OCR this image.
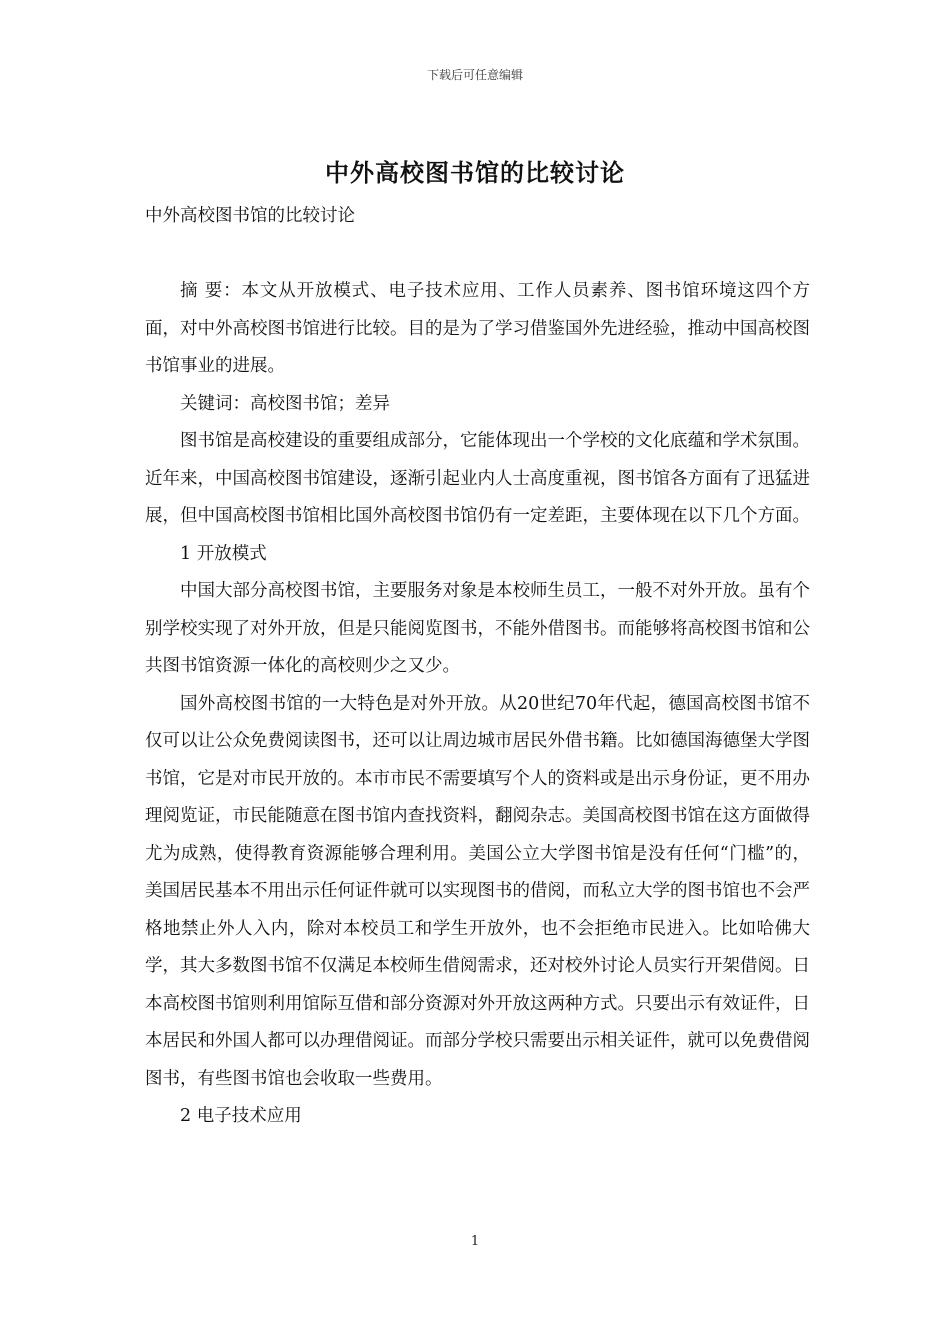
下载后可任意编辑
中外高校图书馆的比较讨论

中外高校图书馆的比较讨论

摘 要：本文从开放模式、电子技术应用、工作人员素养、图书馆环境这四个方面，对中外高校图书馆进行比较。目的是为了学习借鉴国外先进经验，推动中国高校图书馆事业的进展。

关键词：高校图书馆；差异

图书馆是高校建设的重要组成部分，它能体现出一个学校的文化底蕴和学术氛围。近年来，中国高校图书馆建设，逐渐引起业内人士高度重视，图书馆各方面有了迅猛进展，但中国高校图书馆相比国外高校图书馆仍有一定差距，主要体现在以下几个方面。

1 开放模式

中国大部分高校图书馆，主要服务对象是本校师生员工，一般不对外开放。虽有个别学校实现了对外开放，但是只能阅览图书，不能外借图书。而能够将高校图书馆和公共图书馆资源一体化的高校则少之又少。

国外高校图书馆的一大特色是对外开放。从20世纪70年代起，德国高校图书馆不仅可以让公众免费阅读图书，还可以让周边城市居民外借书籍。比如德国海德堡大学图书馆，它是对市民开放的。本市市民不需要填写个人的资料或是出示身份证，更不用办理阅览证，市民能随意在图书馆内查找资料，翻阅杂志。美国高校图书馆在这方面做得尤为成熟，使得教育资源能够合理利用。美国公立大学图书馆是没有任何“门槛”的，美国居民基本不用出示任何证件就可以实现图书的借阅，而私立大学的图书馆也不会严格地禁止外人入内，除对本校员工和学生开放外，也不会拒绝市民进入。比如哈佛大学，其大多数图书馆不仅满足本校师生借阅需求，还对校外讨论人员实行开架借阅。日本高校图书馆则利用馆际互借和部分资源对外开放这两种方式。只要出示有效证件，日本居民和外国人都可以办理借阅证。而部分学校只需要出示相关证件，就可以免费借阅图书，有些图书馆也会收取一些费用。

2 电子技术应用

1
